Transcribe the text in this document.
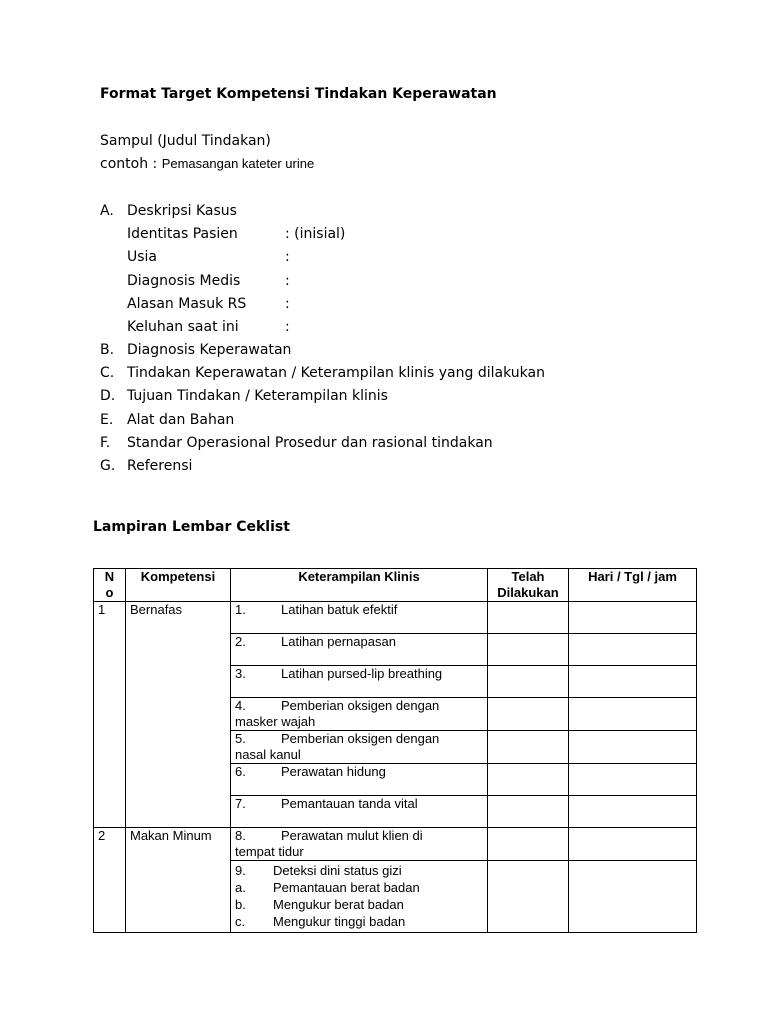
Format Target Kompetensi Tindakan Keperawatan
Sampul (Judul Tindakan)
contoh : Pemasangan kateter urine
A. Deskripsi Kasus
Identitas Pasien	: (inisial)
Usia	:
Diagnosis Medis	:
Alasan Masuk RS	:
Keluhan saat ini	:
B. Diagnosis Keperawatan
C. Tindakan Keperawatan / Keterampilan klinis yang dilakukan
D. Tujuan Tindakan / Keterampilan klinis
E. Alat dan Bahan
F. Standar Operasional Prosedur dan rasional tindakan
G. Referensi
Lampiran Lembar Ceklist
N o	Kompetensi	Keterampilan Klinis	Telah Dilakukan	Hari / Tgl / jam
1	Bernafas	1. Latihan batuk efektif		

		2. Latihan pernapasan		

		3. Latihan pursed-lip breathing		

		4. Pemberian oksigen dengan
masker wajah		

		5. Pemberian oksigen dengan
nasal kanul		

		6. Perawatan hidung		

		7. Pemantauan tanda vital		

2	Makan Minum	8. Perawatan mulut klien di
tempat tidur		

		9. Deteksi dini status gizi
a. Pemantauan berat badan
b. Mengukur berat badan
c. Mengukur tinggi badan		
